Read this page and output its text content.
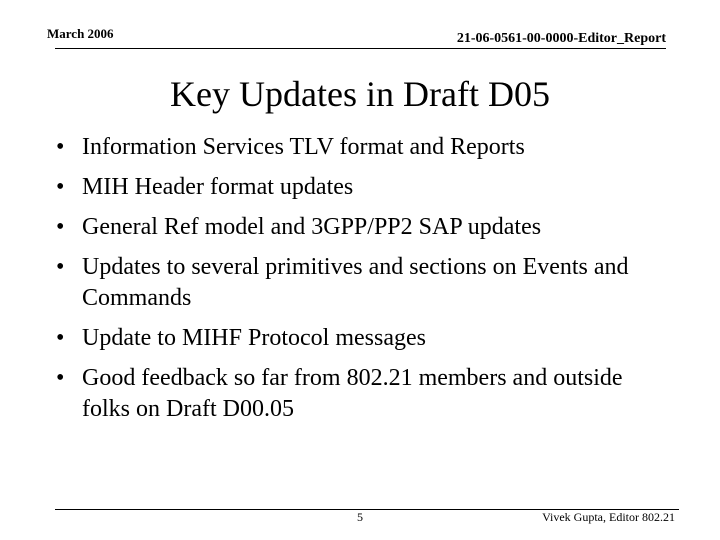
March 2006	21-06-0561-00-0000-Editor_Report
Key Updates in Draft D05
• Information Services TLV format and Reports
• MIH Header format updates
• General Ref model and 3GPP/PP2 SAP updates
• Updates to several primitives and sections on Events and Commands
• Update to MIHF Protocol messages
• Good feedback so far from 802.21 members and outside folks on Draft D00.05
5	Vivek Gupta, Editor 802.21
